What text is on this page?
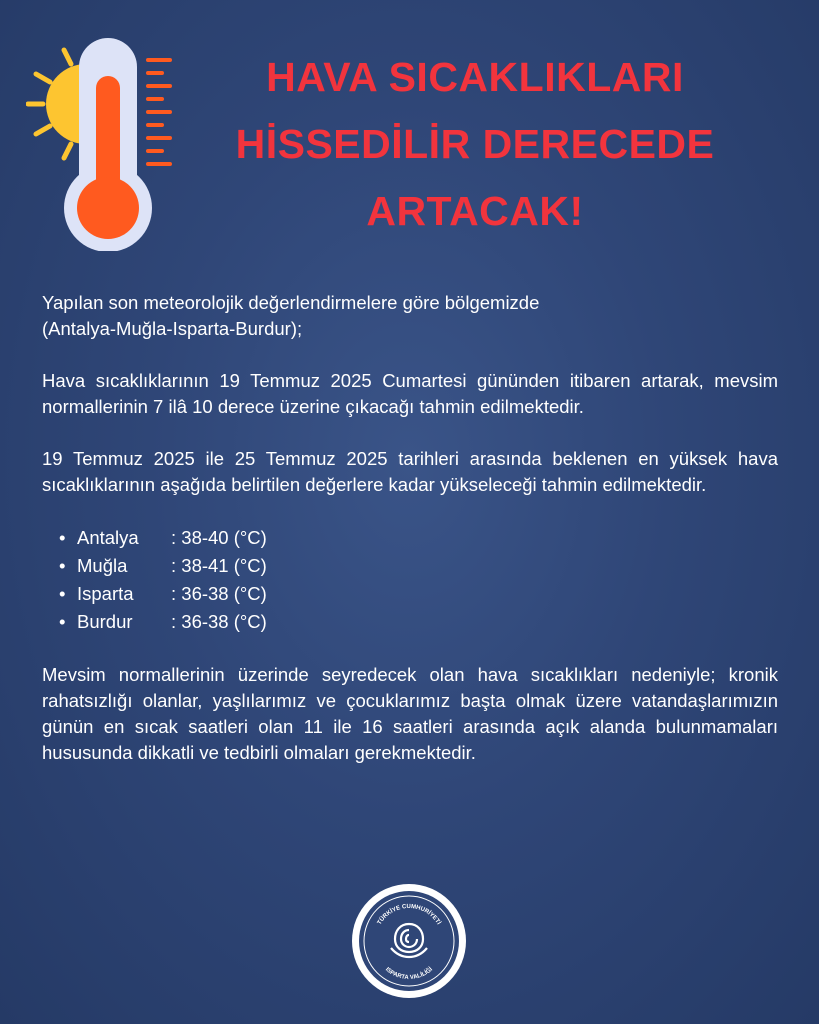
HAVA SICAKLIKLARI
HİSSEDİLİR DERECEDE
ARTACAK!

Yapılan son meteorolojik değerlendirmelere göre bölgemizde
(Antalya-Muğla-Isparta-Burdur);

Hava sıcaklıklarının 19 Temmuz 2025 Cumartesi gününden itibaren artarak, mevsim normallerinin 7 ilâ 10 derece üzerine çıkacağı tahmin edilmektedir.

19 Temmuz 2025 ile 25 Temmuz 2025 tarihleri arasında beklenen en yüksek hava sıcaklıklarının aşağıda belirtilen değerlere kadar yükseleceği tahmin edilmektedir.

• Antalya	: 38-40 (°C)
• Muğla	: 38-41 (°C)
• Isparta	: 36-38 (°C)
• Burdur	: 36-38 (°C)

Mevsim normallerinin üzerinde seyredecek olan hava sıcaklıkları nedeniyle; kronik rahatsızlığı olanlar, yaşlılarımız ve çocuklarımız başta olmak üzere vatandaşlarımızın günün en sıcak saatleri olan 11 ile 16 saatleri arasında açık alanda bulunmamaları hususunda dikkatli ve tedbirli olmaları gerekmektedir.

TÜRKİYE CUMHURİYETİ
ISPARTA VALİLİĞİ
